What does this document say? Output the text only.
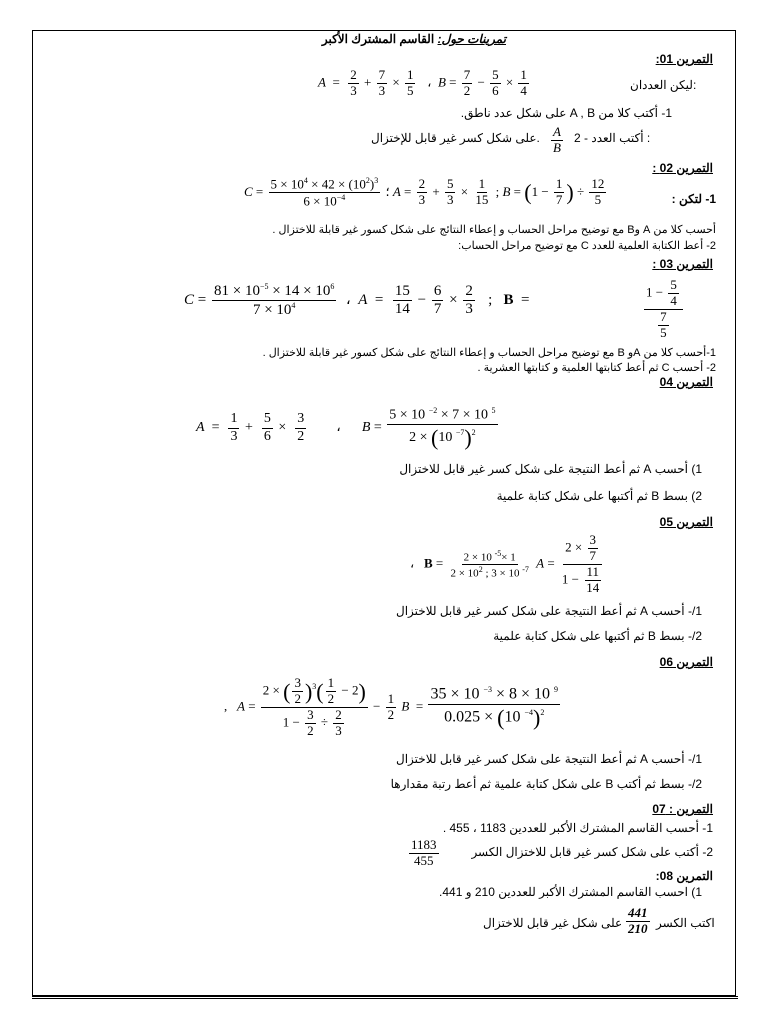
تمرينات حول: القاسم المشترك الأكبر
التمرين 01:
ليكن العددان:
$A = \frac{2}{3} + \frac{7}{3} \times \frac{1}{5}$ ،  $B = \frac{7}{2} - \frac{5}{6} \times \frac{1}{4}$
1- أكتب كلا من A , B على شكل عدد ناطق.
2 - أكتب العدد :
$\frac{A}{B}$
على شكل كسر غير قابل للإختزال.
التمرين 02 :
1- لتكن :
$C = \frac{5 \times 10^4 \times 42 \times (10^2)^3}{6 \times 10^{-4}}$ ؛ $A = \frac{2}{3} + \frac{5}{3} \times \frac{1}{15}$ ; $B = (1 - \frac{1}{7}$ ) ÷ $\frac{12}{5}$
أحسب كلا من A وB مع توضيح مراحل الحساب و إعطاء النتائج على شكل كسور غير قابلة للاختزال .
2- أعط الكتابة العلمية للعدد C مع توضيح مراحل الحساب:
التمرين 03 :
$C = \frac{81 \times 10^{-5} \times 14 \times 10^6}{7 \times 10^4}$ ،  $A = \frac{15}{14} - \frac{6}{7} \times \frac{2}{3}$ ;   B  =	$\frac{1 - \frac{5}{4}}{\frac{7}{5}}$
1-أحسب كلا من Aو B مع توضيح مراحل الحساب و إعطاء النتائج على شكل كسور غير قابلة للاختزال .
2- أحسب C ثم أعط كتابتها العلمية و كتابتها العشرية .
التمرين 04
$A = \frac{1}{3} + \frac{5}{6} \times \frac{3}{2}$ ،      $B = \frac{5 \times 10 ^{-2} \times 7 \times 10 ^5}{2 \times (10 ^{-7})^2}$
1) أحسب A ثم أعط النتيجة على شكل كسر غير قابل للاختزال
2) بسط B ثم أكتبها على شكل كتابة علمية
التمرين 05
،   $B = \frac{2 \times 10 ^{-5}\times 1}{2 \times 10^2 ; 3 \times 10 ^{-7}}$ $A = \frac{2 \times \frac{3}{7}}{1 - \frac{11}{14}}$
1/- أحسب A ثم أعط النتيجة على شكل كسر غير قابل للاختزال
2/- بسط B ثم أكتبها على شكل كتابة علمية
التمرين 06
,   $A = \frac{2 \times ( \frac{3}{2} )^3( \frac{1}{2} - 2)}{1 - \frac{3}{2} \div \frac{2}{3}} - \frac{1}{2}$ $B = \frac{35 \times 10 ^{-3} \times 8 \times 10 ^9}{0.025 \times (10 ^{-4})^2}$
1/- أحسب A ثم أعط النتيجة على شكل كسر غير قابل للاختزال
2/- بسط ثم أكتب B على شكل كتابة علمية ثم أعط رتبة مقدارها
التمرين : 07
1- أحسب القاسم المشترك الأكبر للعددين 1183 ، 455 .
2- أكتب على شكل كسر غير قابل للاختزال الكسر
$\frac{1183}{455}$
التمرين 08:
1) احسب القاسم المشترك الأكبر للعددين 210 و 441.
اكتب الكسر
$\frac{441}{210}$
على شكل غير قابل للاختزال
